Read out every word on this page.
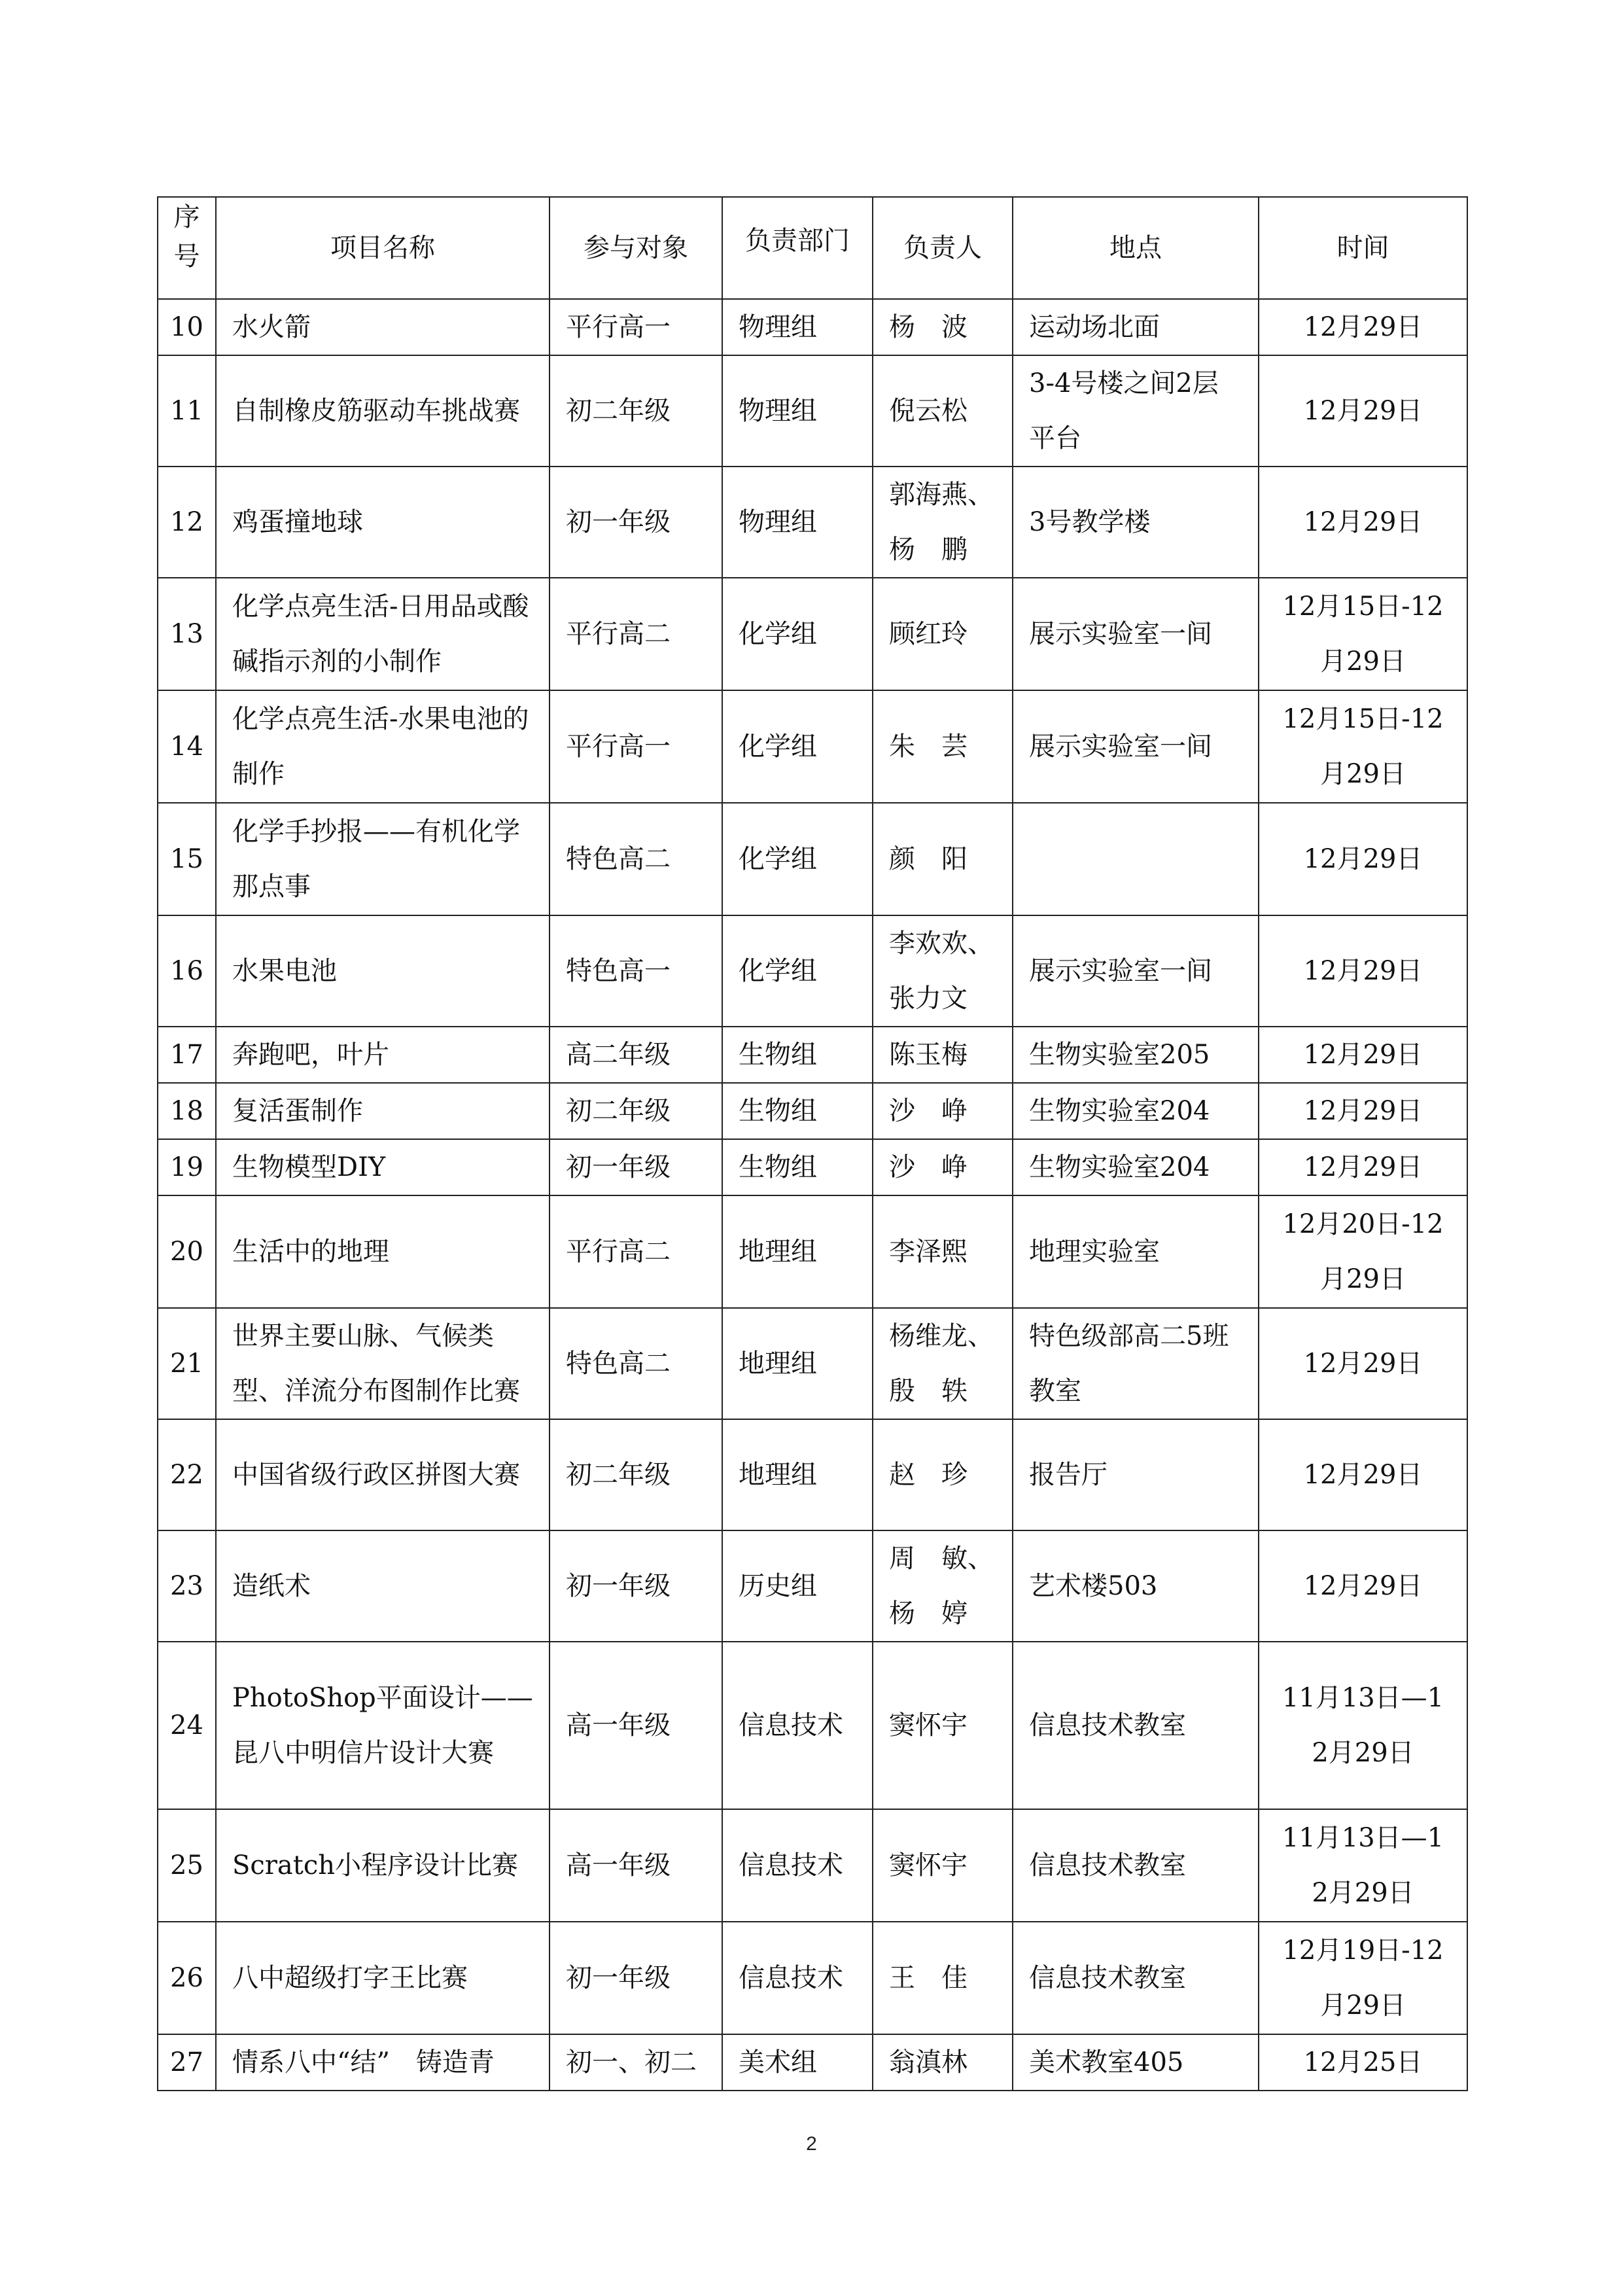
序号	项目名称	参与对象	负责部门	负责人	地点	时间
10	水火箭	平行高一	物理组	杨　波	运动场北面	12月29日
11	自制橡皮筋驱动车挑战赛	初二年级	物理组	倪云松	3-4号楼之间2层平台	12月29日
12	鸡蛋撞地球	初一年级	物理组	郭海燕、杨　鹏	3号教学楼	12月29日
13	化学点亮生活-日用品或酸碱指示剂的小制作	平行高二	化学组	顾红玲	展示实验室一间	12月15日-12月29日
14	化学点亮生活-水果电池的制作	平行高一	化学组	朱　芸	展示实验室一间	12月15日-12月29日
15	化学手抄报——有机化学那点事	特色高二	化学组	颜　阳		12月29日
16	水果电池	特色高一	化学组	李欢欢、张力文	展示实验室一间	12月29日
17	奔跑吧，叶片	高二年级	生物组	陈玉梅	生物实验室205	12月29日
18	复活蛋制作	初二年级	生物组	沙　峥	生物实验室204	12月29日
19	生物模型DIY	初一年级	生物组	沙　峥	生物实验室204	12月29日
20	生活中的地理	平行高二	地理组	李泽熙	地理实验室	12月20日-12月29日
21	世界主要山脉、气候类型、洋流分布图制作比赛	特色高二	地理组	杨维龙、殷　轶	特色级部高二5班教室	12月29日
22	中国省级行政区拼图大赛	初二年级	地理组	赵　珍	报告厅	12月29日
23	造纸术	初一年级	历史组	周　敏、杨　婷	艺术楼503	12月29日
24	PhotoShop平面设计——昆八中明信片设计大赛	高一年级	信息技术	窦怀宇	信息技术教室	11月13日—12月29日
25	Scratch小程序设计比赛	高一年级	信息技术	窦怀宇	信息技术教室	11月13日—12月29日
26	八中超级打字王比赛	初一年级	信息技术	王　佳	信息技术教室	12月19日-12月29日
27	情系八中“结”　铸造青	初一、初二	美术组	翁滇林	美术教室405	12月25日
2
